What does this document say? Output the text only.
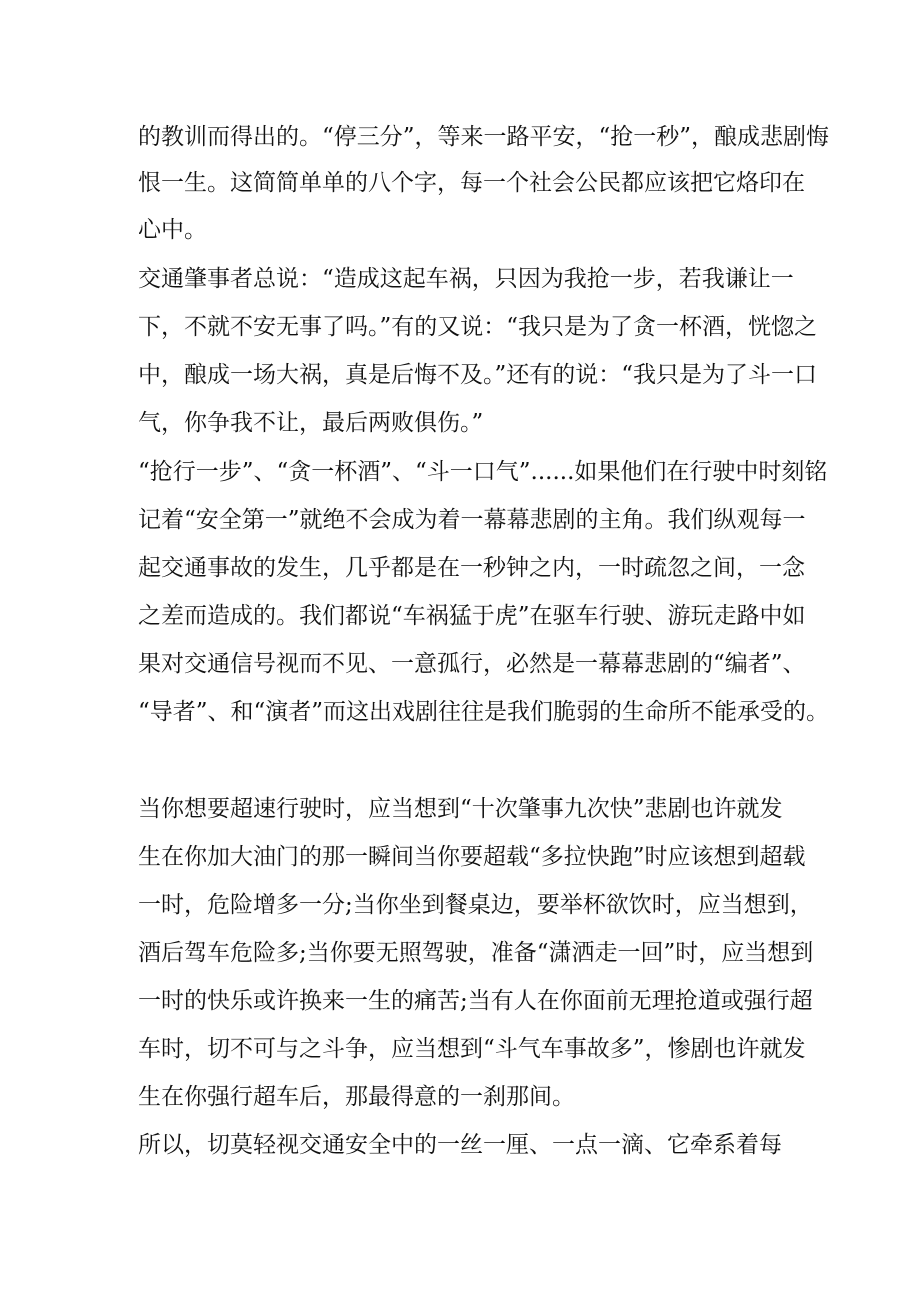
的教训而得出的。“停三分”，等来一路平安，“抢一秒”，酿成悲剧悔
恨一生。这简简单单的八个字，每一个社会公民都应该把它烙印在
心中。
交通肇事者总说：“造成这起车祸，只因为我抢一步，若我谦让一
下，不就不安无事了吗。”有的又说：“我只是为了贪一杯酒，恍惚之
中，酿成一场大祸，真是后悔不及。”还有的说：“我只是为了斗一口
气，你争我不让，最后两败俱伤。”
“抢行一步”、“贪一杯酒”、“斗一口气”......如果他们在行驶中时刻铭
记着“安全第一”就绝不会成为着一幕幕悲剧的主角。我们纵观每一
起交通事故的发生，几乎都是在一秒钟之内，一时疏忽之间，一念
之差而造成的。我们都说“车祸猛于虎”在驱车行驶、游玩走路中如
果对交通信号视而不见、一意孤行，必然是一幕幕悲剧的“编者”、
“导者”、和“演者”而这出戏剧往往是我们脆弱的生命所不能承受的。
当你想要超速行驶时，应当想到“十次肇事九次快”悲剧也许就发
生在你加大油门的那一瞬间当你要超载“多拉快跑”时应该想到超载
一时，危险增多一分;当你坐到餐桌边，要举杯欲饮时，应当想到，
酒后驾车危险多;当你要无照驾驶，准备“潇洒走一回”时，应当想到
一时的快乐或许换来一生的痛苦;当有人在你面前无理抢道或强行超
车时，切不可与之斗争，应当想到“斗气车事故多”，惨剧也许就发
生在你强行超车后，那最得意的一刹那间。
所以，切莫轻视交通安全中的一丝一厘、一点一滴、它牵系着每
